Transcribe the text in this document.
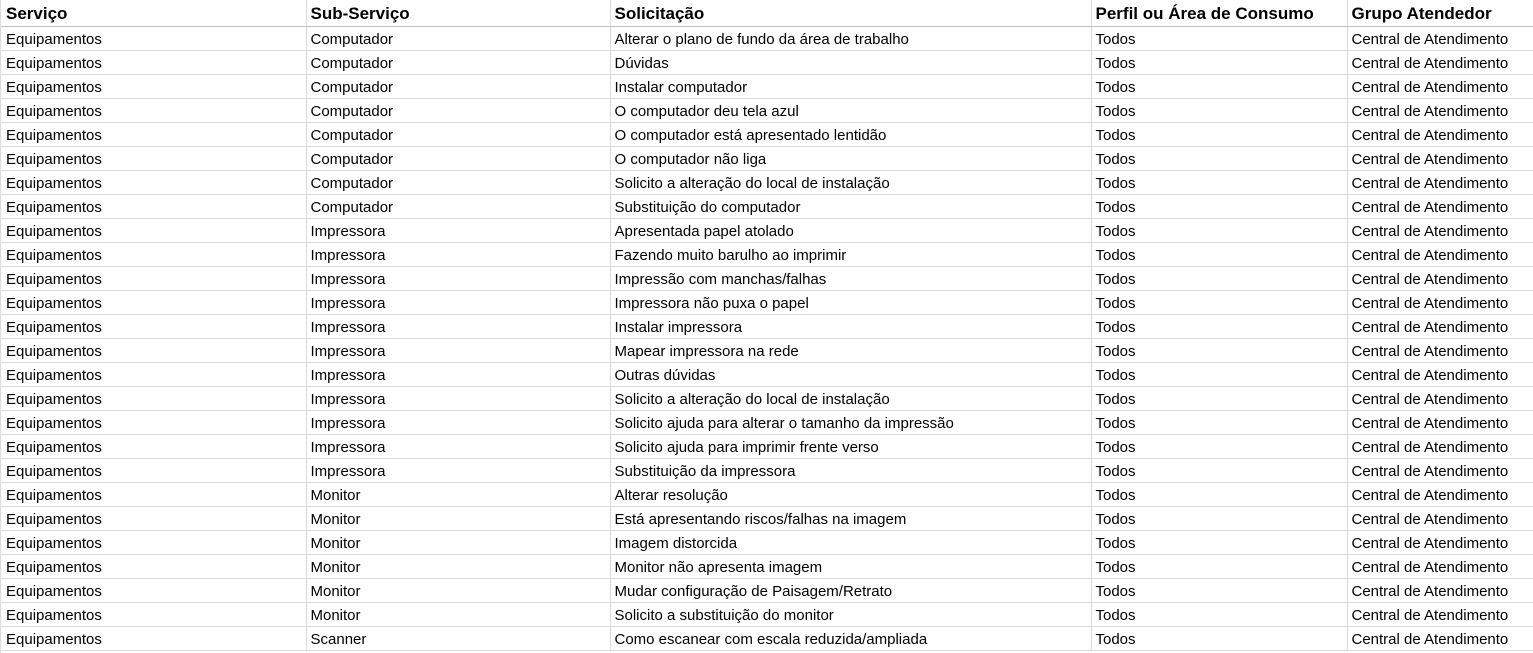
Serviço	Sub-Serviço	Solicitação	Perfil ou Área de Consumo	Grupo Atendedor
Equipamentos	Computador	Alterar o plano de fundo da área de trabalho	Todos	Central de Atendimento
Equipamentos	Computador	Dúvidas	Todos	Central de Atendimento
Equipamentos	Computador	Instalar computador	Todos	Central de Atendimento
Equipamentos	Computador	O computador deu tela azul	Todos	Central de Atendimento
Equipamentos	Computador	O computador está apresentado lentidão	Todos	Central de Atendimento
Equipamentos	Computador	O computador não liga	Todos	Central de Atendimento
Equipamentos	Computador	Solicito a alteração do local de instalação	Todos	Central de Atendimento
Equipamentos	Computador	Substituição do computador	Todos	Central de Atendimento
Equipamentos	Impressora	Apresentada papel atolado	Todos	Central de Atendimento
Equipamentos	Impressora	Fazendo muito barulho ao imprimir	Todos	Central de Atendimento
Equipamentos	Impressora	Impressão com manchas/falhas	Todos	Central de Atendimento
Equipamentos	Impressora	Impressora não puxa o papel	Todos	Central de Atendimento
Equipamentos	Impressora	Instalar impressora	Todos	Central de Atendimento
Equipamentos	Impressora	Mapear impressora na rede	Todos	Central de Atendimento
Equipamentos	Impressora	Outras dúvidas	Todos	Central de Atendimento
Equipamentos	Impressora	Solicito a alteração do local de instalação	Todos	Central de Atendimento
Equipamentos	Impressora	Solicito ajuda para alterar o tamanho da impressão	Todos	Central de Atendimento
Equipamentos	Impressora	Solicito ajuda para imprimir frente verso	Todos	Central de Atendimento
Equipamentos	Impressora	Substituição da impressora	Todos	Central de Atendimento
Equipamentos	Monitor	Alterar resolução	Todos	Central de Atendimento
Equipamentos	Monitor	Está apresentando riscos/falhas na imagem	Todos	Central de Atendimento
Equipamentos	Monitor	Imagem distorcida	Todos	Central de Atendimento
Equipamentos	Monitor	Monitor não apresenta imagem	Todos	Central de Atendimento
Equipamentos	Monitor	Mudar configuração de Paisagem/Retrato	Todos	Central de Atendimento
Equipamentos	Monitor	Solicito a substituição do monitor	Todos	Central de Atendimento
Equipamentos	Scanner	Como escanear com escala reduzida/ampliada	Todos	Central de Atendimento
